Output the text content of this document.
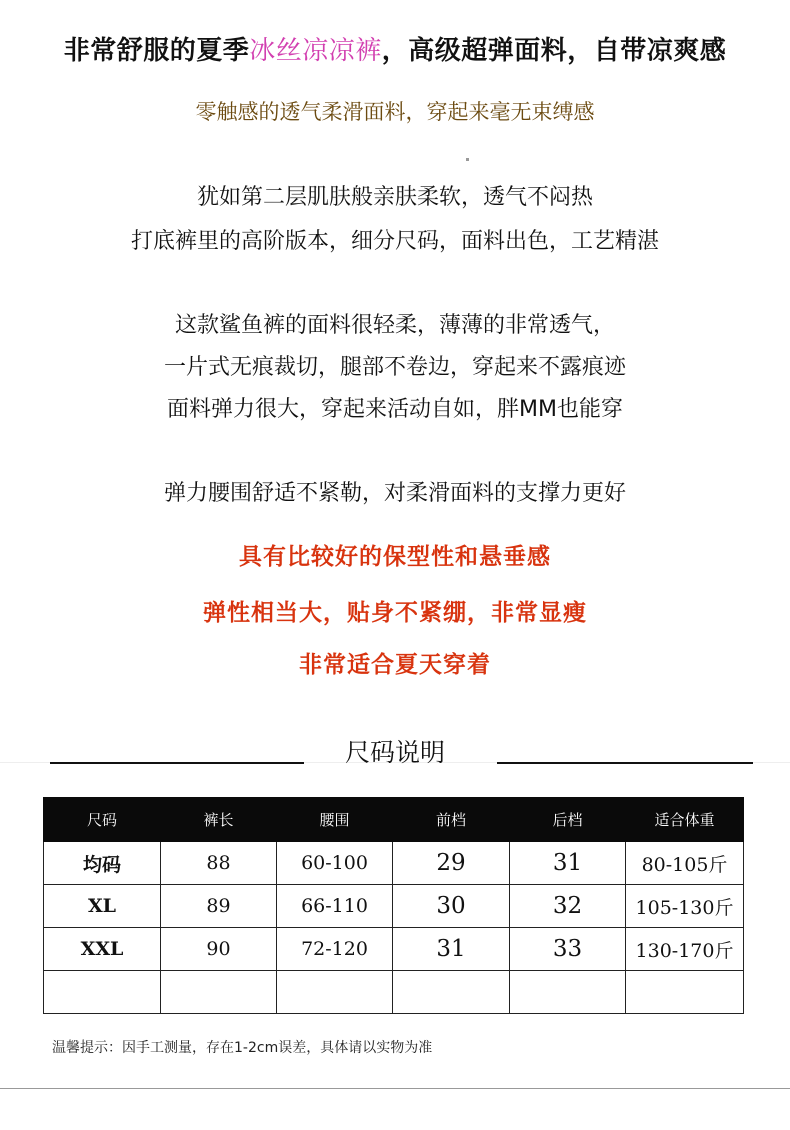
非常舒服的夏季冰丝凉凉裤，高级超弹面料，自带凉爽感
零触感的透气柔滑面料，穿起来毫无束缚感
犹如第二层肌肤般亲肤柔软，透气不闷热
打底裤里的高阶版本，细分尺码，面料出色，工艺精湛
这款鲨鱼裤的面料很轻柔，薄薄的非常透气，
一片式无痕裁切，腿部不卷边，穿起来不露痕迹
面料弹力很大，穿起来活动自如，胖MM也能穿
弹力腰围舒适不紧勒，对柔滑面料的支撑力更好
具有比较好的保型性和悬垂感
弹性相当大，贴身不紧绷，非常显瘦
非常适合夏天穿着
尺码说明
尺码	裤长	腰围	前档	后档	适合体重
均码	88	60-100	29	31	80-105斤
XL	89	66-110	30	32	105-130斤
XXL	90	72-120	31	33	130-170斤

温馨提示：因手工测量，存在1-2cm误差，具体请以实物为准
